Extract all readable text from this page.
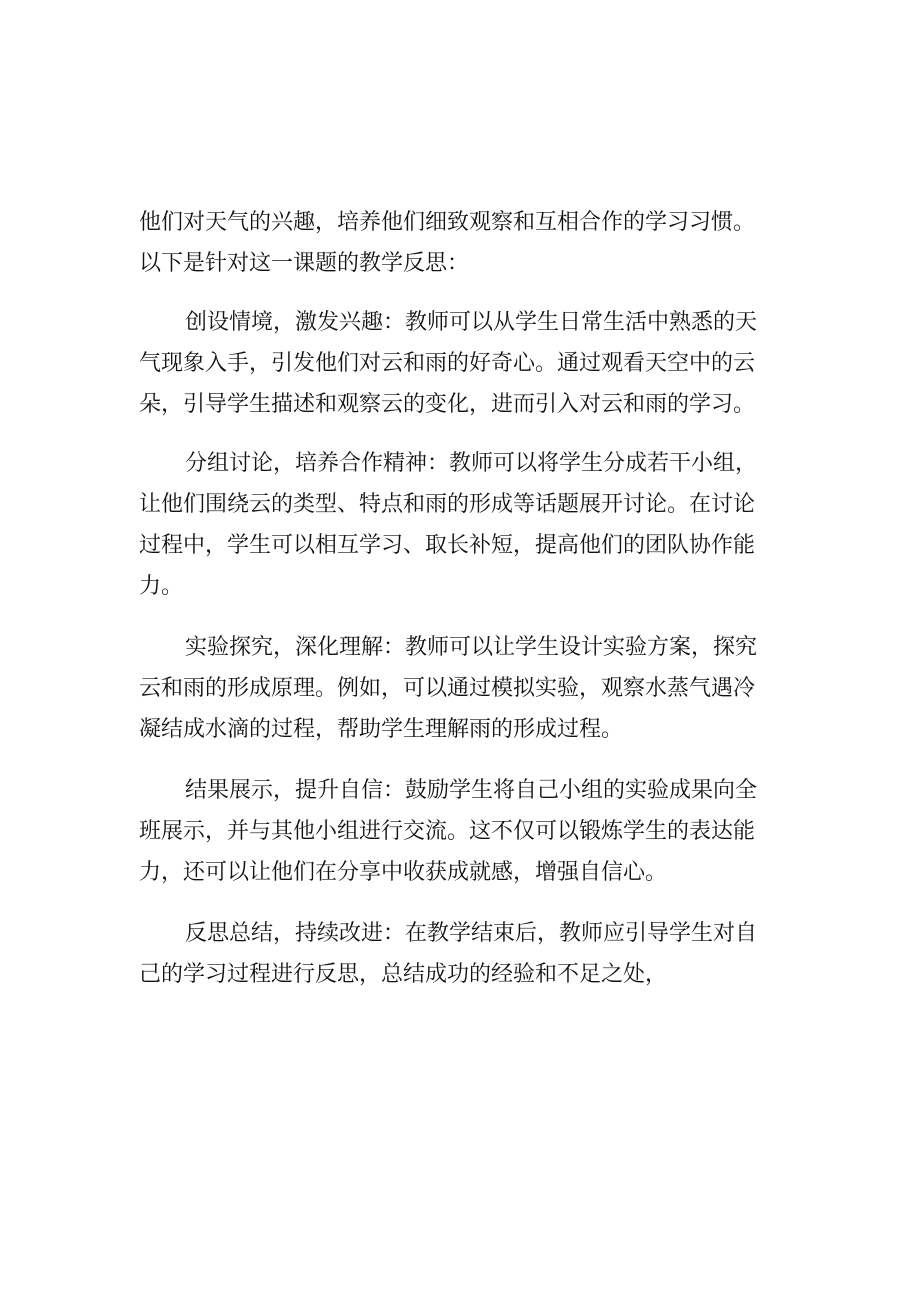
他们对天气的兴趣，培养他们细致观察和互相合作的学习习惯。
以下是针对这一课题的教学反思：
创设情境，激发兴趣：教师可以从学生日常生活中熟悉的天
气现象入手，引发他们对云和雨的好奇心。通过观看天空中的云
朵，引导学生描述和观察云的变化，进而引入对云和雨的学习。
分组讨论，培养合作精神：教师可以将学生分成若干小组，
让他们围绕云的类型、特点和雨的形成等话题展开讨论。在讨论
过程中，学生可以相互学习、取长补短，提高他们的团队协作能
力。
实验探究，深化理解：教师可以让学生设计实验方案，探究
云和雨的形成原理。例如，可以通过模拟实验，观察水蒸气遇冷
凝结成水滴的过程，帮助学生理解雨的形成过程。
结果展示，提升自信：鼓励学生将自己小组的实验成果向全
班展示，并与其他小组进行交流。这不仅可以锻炼学生的表达能
力，还可以让他们在分享中收获成就感，增强自信心。
反思总结，持续改进：在教学结束后，教师应引导学生对自
己的学习过程进行反思，总结成功的经验和不足之处，
